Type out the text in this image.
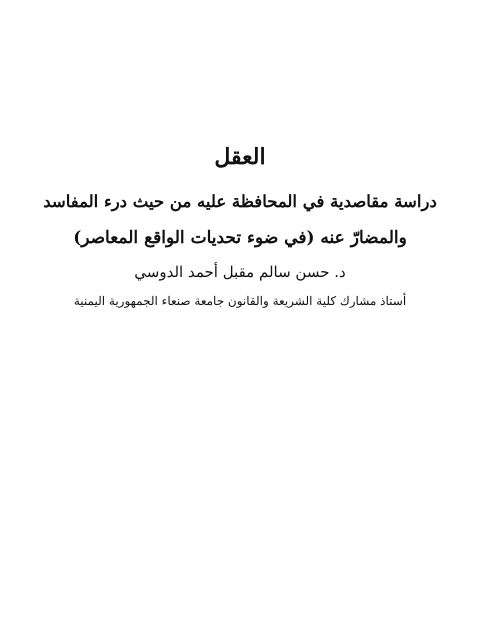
العقل
دراسة مقاصدية في المحافظة عليه من حيث درء المفاسد
والمضارّ عنه (في ضوء تحديات الواقع المعاصر)
د. حسن سالم مقبل أحمد الدوسي
أستاذ مشارك كلية الشريعة والقانون جامعة صنعاء الجمهورية اليمنية
